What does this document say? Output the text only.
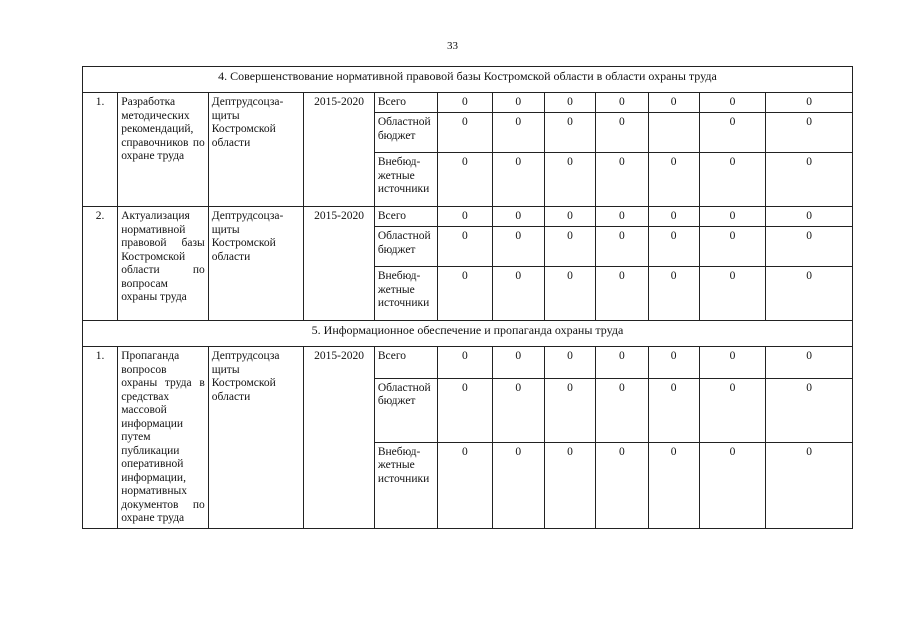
33
4. Совершенствование нормативной правовой базы Костромской области в области охраны труда											
1.	Разработка методических рекомендаций, справочников по охране труда	Дептрудсоцза-щиты Костромской области	2015-2020	Всего	0	0	0	0	0	0	0
				Областной бюджет	0	0	0	0		0	0
				Внебюд-жетные источники	0	0	0	0	0	0	0
2.	Актуализация нормативной правовой базы Костромской области по вопросам охраны труда	Дептрудсоцза-щиты Костромской области	2015-2020	Всего	0	0	0	0	0	0	0
				Областной бюджет	0	0	0	0	0	0	0
				Внебюд-жетные источники	0	0	0	0	0	0	0
5. Информационное обеспечение и пропаганда охраны труда											
1.	Пропаганда вопросов охраны труда в средствах массовой информации путем публикации оперативной информации, нормативных документов по охране труда	Дептрудсоцза щиты Костромской области	2015-2020	Всего	0	0	0	0	0	0	0
				Областной бюджет	0	0	0	0	0	0	0
				Внебюд-жетные источники	0	0	0	0	0	0	0
